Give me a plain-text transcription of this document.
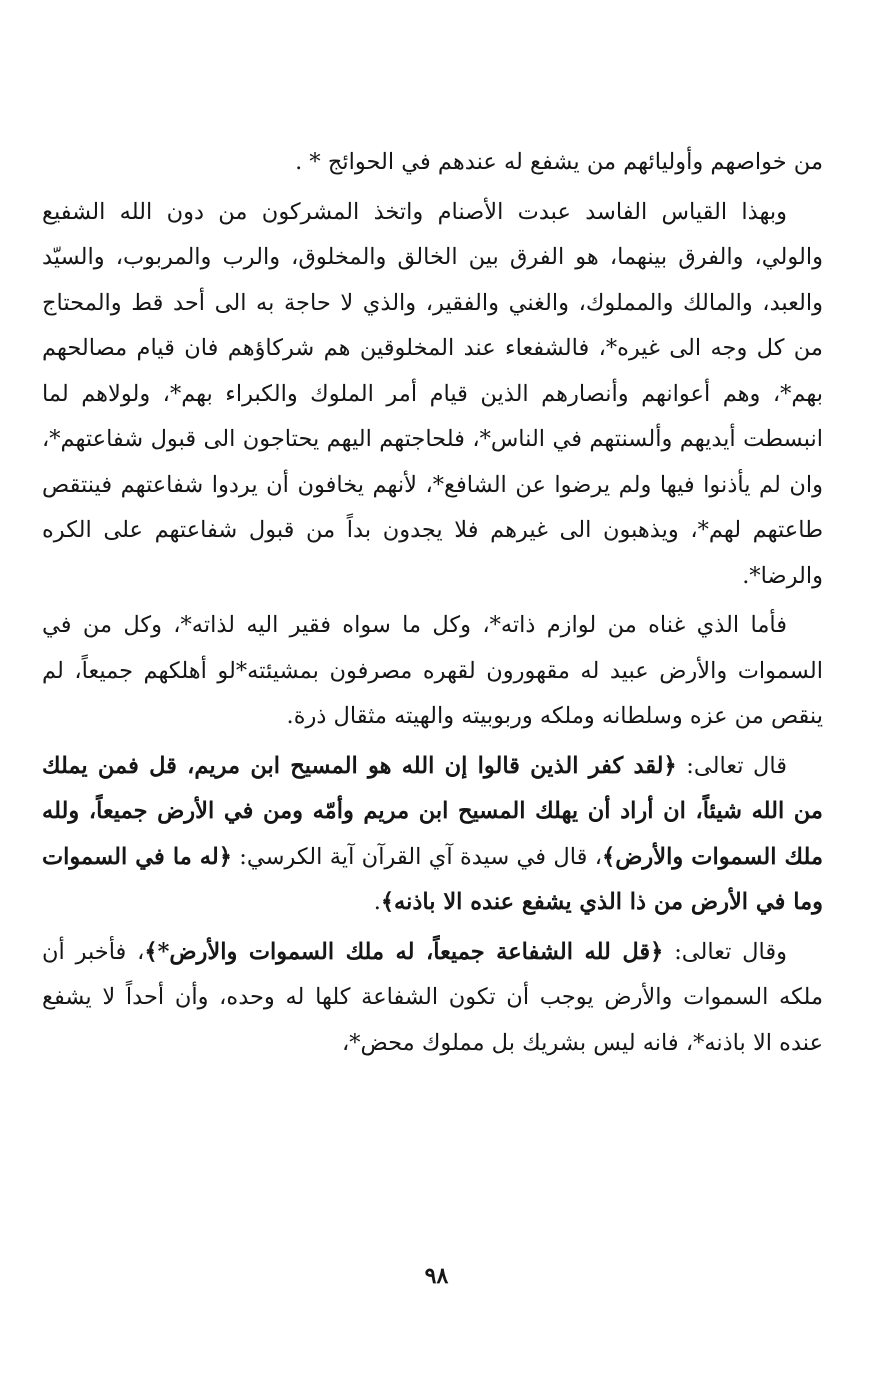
من خواصهم وأوليائهم من يشفع له عندهم في الحوائج * .

وبهذا القياس الفاسد عبدت الأصنام واتخذ المشركون من دون الله الشفيع والولي، والفرق بينهما، هو الفرق بين الخالق والمخلوق، والرب والمربوب، والسيّد والعبد، والمالك والمملوك، والغني والفقير، والذي لا حاجة به الى أحد قط والمحتاج من كل وجه الى غيره*، فالشفعاء عند المخلوقين هم شركاؤهم فان قيام مصالحهم بهم*، وهم أعوانهم وأنصارهم الذين قيام أمر الملوك والكبراء بهم*، ولولاهم لما انبسطت أيديهم وألسنتهم في الناس*، فلحاجتهم اليهم يحتاجون الى قبول شفاعتهم*، وان لم يأذنوا فيها ولم يرضوا عن الشافع*، لأنهم يخافون أن يردوا شفاعتهم فينتقص طاعتهم لهم*، ويذهبون الى غيرهم فلا يجدون بداً من قبول شفاعتهم على الكره والرضا*.

فأما الذي غناه من لوازم ذاته*، وكل ما سواه فقير اليه لذاته*، وكل من في السموات والأرض عبيد له مقهورون لقهره مصرفون بمشيئته*لو أهلكهم جميعاً، لم ينقص من عزه وسلطانه وملكه وربوبيته والهيته مثقال ذرة.

قال تعالى: ﴿لقد كفر الذين قالوا إن الله هو المسيح ابن مريم، قل فمن يملك من الله شيئاً، ان أراد أن يهلك المسيح ابن مريم وأمّه ومن في الأرض جميعاً، ولله ملك السموات والأرض﴾، قال في سيدة آي القرآن آية الكرسي: ﴿له ما في السموات وما في الأرض من ذا الذي يشفع عنده الا باذنه﴾.

وقال تعالى: ﴿قل لله الشفاعة جميعاً، له ملك السموات والأرض*﴾، فأخبر أن ملكه السموات والأرض يوجب أن تكون الشفاعة كلها له وحده، وأن أحداً لا يشفع عنده الا باذنه*، فانه ليس بشريك بل مملوك محض*،

٩٨
